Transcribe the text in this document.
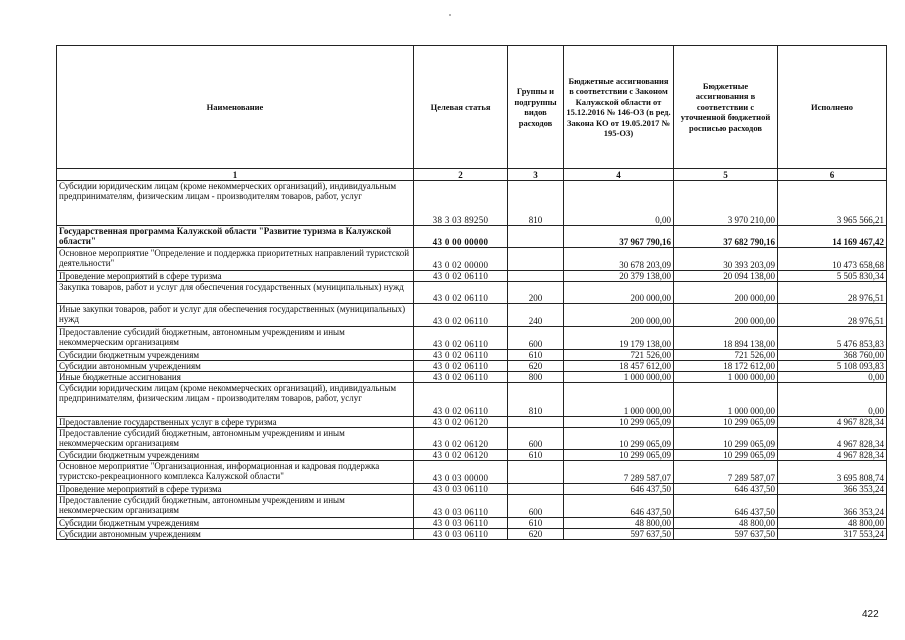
Наименование	Целевая статья	Группы и подгруппы видов расходов	Бюджетные ассигнования в соответствии с Законом Калужской области от 15.12.2016 № 146-ОЗ (в ред. Закона КО от 19.05.2017 № 195-ОЗ)	Бюджетные ассигнования в соответствии с уточненной бюджетной росписью расходов	Исполнено
1	2	3	4	5	6
Субсидии юридическим лицам (кроме некоммерческих организаций), индивидуальным предпринимателям, физическим лицам - производителям товаров, работ, услуг	38 3 03 89250	810	0,00	3 970 210,00	3 965 566,21
Государственная программа Калужской области "Развитие туризма в Калужской области"	43 0 00 00000		37 967 790,16	37 682 790,16	14 169 467,42
Основное мероприятие "Определение и поддержка приоритетных направлений туристской деятельности"	43 0 02 00000		30 678 203,09	30 393 203,09	10 473 658,68
Проведение мероприятий в сфере туризма	43 0 02 06110		20 379 138,00	20 094 138,00	5 505 830,34
Закупка товаров, работ и услуг для обеспечения государственных (муниципальных) нужд	43 0 02 06110	200	200 000,00	200 000,00	28 976,51
Иные закупки товаров, работ и услуг для обеспечения государственных (муниципальных) нужд	43 0 02 06110	240	200 000,00	200 000,00	28 976,51
Предоставление субсидий бюджетным, автономным учреждениям и иным некоммерческим организациям	43 0 02 06110	600	19 179 138,00	18 894 138,00	5 476 853,83
Субсидии бюджетным учреждениям	43 0 02 06110	610	721 526,00	721 526,00	368 760,00
Субсидии автономным учреждениям	43 0 02 06110	620	18 457 612,00	18 172 612,00	5 108 093,83
Иные бюджетные ассигнования	43 0 02 06110	800	1 000 000,00	1 000 000,00	0,00
Субсидии юридическим лицам (кроме некоммерческих организаций), индивидуальным предпринимателям, физическим лицам - производителям товаров, работ, услуг	43 0 02 06110	810	1 000 000,00	1 000 000,00	0,00
Предоставление государственных услуг в сфере туризма	43 0 02 06120		10 299 065,09	10 299 065,09	4 967 828,34
Предоставление субсидий бюджетным, автономным учреждениям и иным некоммерческим организациям	43 0 02 06120	600	10 299 065,09	10 299 065,09	4 967 828,34
Субсидии бюджетным учреждениям	43 0 02 06120	610	10 299 065,09	10 299 065,09	4 967 828,34
Основное мероприятие "Организационная, информационная и кадровая поддержка туристско-рекреационного комплекса Калужской области"	43 0 03 00000		7 289 587,07	7 289 587,07	3 695 808,74
Проведение мероприятий в сфере туризма	43 0 03 06110		646 437,50	646 437,50	366 353,24
Предоставление субсидий бюджетным, автономным учреждениям и иным некоммерческим организациям	43 0 03 06110	600	646 437,50	646 437,50	366 353,24
Субсидии бюджетным учреждениям	43 0 03 06110	610	48 800,00	48 800,00	48 800,00
Субсидии автономным учреждениям	43 0 03 06110	620	597 637,50	597 637,50	317 553,24
422
